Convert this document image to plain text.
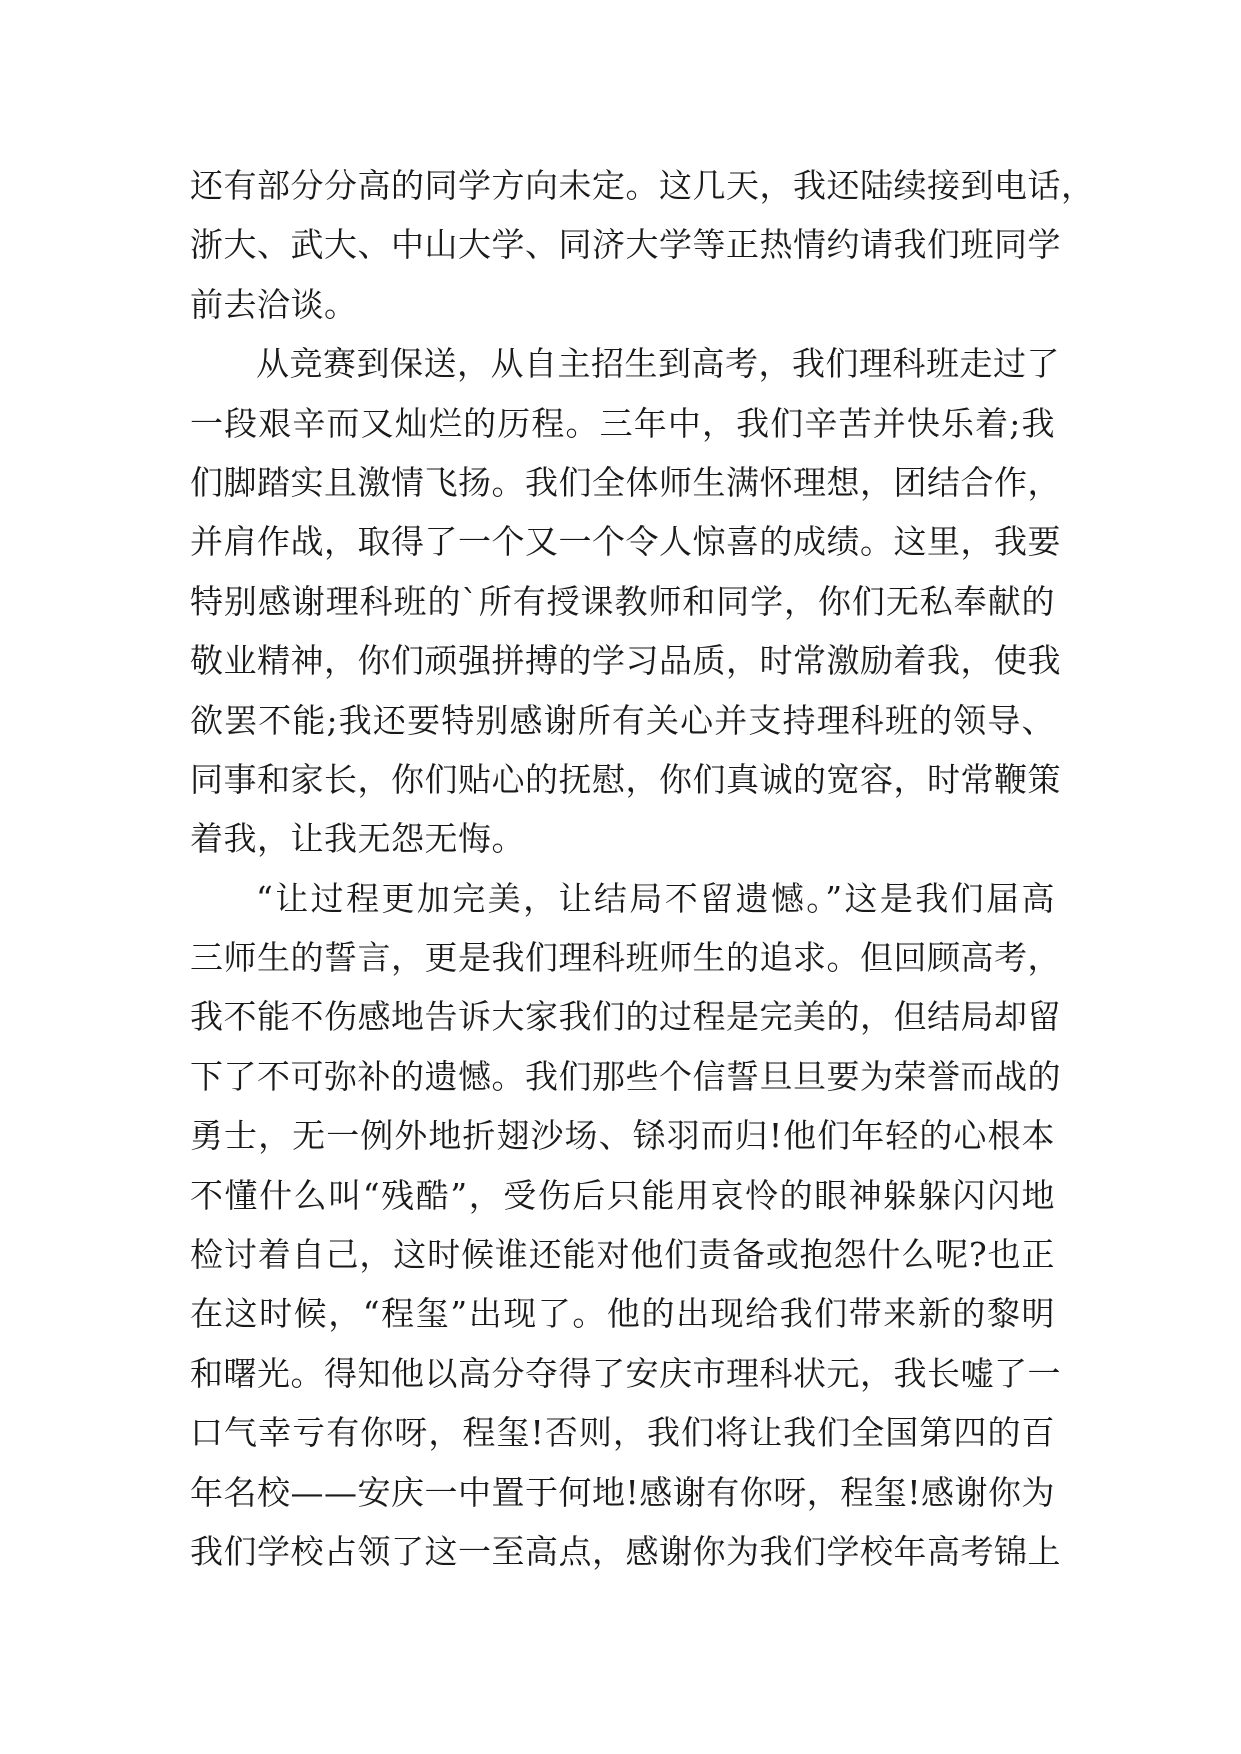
还有部分分高的同学方向未定。这几天，我还陆续接到电话，
浙大、武大、中山大学、同济大学等正热情约请我们班同学
前去洽谈。
从竞赛到保送，从自主招生到高考，我们理科班走过了
一段艰辛而又灿烂的历程。三年中，我们辛苦并快乐着;我
们脚踏实且激情飞扬。我们全体师生满怀理想，团结合作，
并肩作战，取得了一个又一个令人惊喜的成绩。这里，我要
特别感谢理科班的`所有授课教师和同学，你们无私奉献的
敬业精神，你们顽强拼搏的学习品质，时常激励着我，使我
欲罢不能;我还要特别感谢所有关心并支持理科班的领导、
同事和家长，你们贴心的抚慰，你们真诚的宽容，时常鞭策
着我，让我无怨无悔。
“让过程更加完美，让结局不留遗憾。”这是我们届高
三师生的誓言，更是我们理科班师生的追求。但回顾高考，
我不能不伤感地告诉大家我们的过程是完美的，但结局却留
下了不可弥补的遗憾。我们那些个信誓旦旦要为荣誉而战的
勇士，无一例外地折翅沙场、铩羽而归!他们年轻的心根本
不懂什么叫“残酷”，受伤后只能用哀怜的眼神躲躲闪闪地
检讨着自己，这时候谁还能对他们责备或抱怨什么呢?也正
在这时候，“程玺”出现了。他的出现给我们带来新的黎明
和曙光。得知他以高分夺得了安庆市理科状元，我长嘘了一
口气幸亏有你呀，程玺!否则，我们将让我们全国第四的百
年名校——安庆一中置于何地!感谢有你呀，程玺!感谢你为
我们学校占领了这一至高点，感谢你为我们学校年高考锦上
